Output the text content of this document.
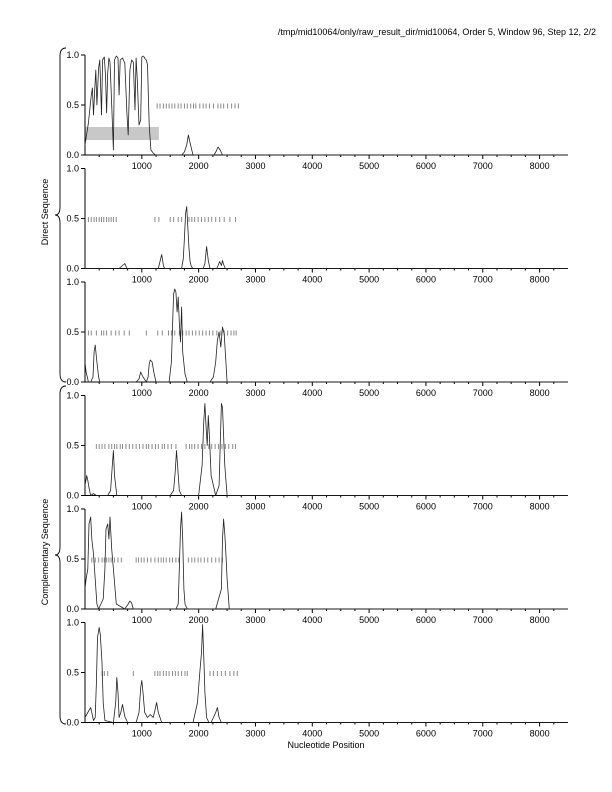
/tmp/mid10064/only/raw_result_dir/mid10064, Order 5, Window 96, Step 12, 2/2
0.0
0.5
1.0
1000	2000	3000	4000	5000	6000	7000	8000
0.0
0.5
1.0
1000	2000	3000	4000	5000	6000	7000	8000
0.0
0.5
1.0
1000	2000	3000	4000	5000	6000	7000	8000
0.0
0.5
1.0
1000	2000	3000	4000	5000	6000	7000	8000
0.0
0.5
1.0
1000	2000	3000	4000	5000	6000	7000	8000
0.0
0.5
1.0
1000	2000	3000	4000	5000	6000	7000	8000
Direct Sequence
Complementary Sequence
Nucleotide Position
